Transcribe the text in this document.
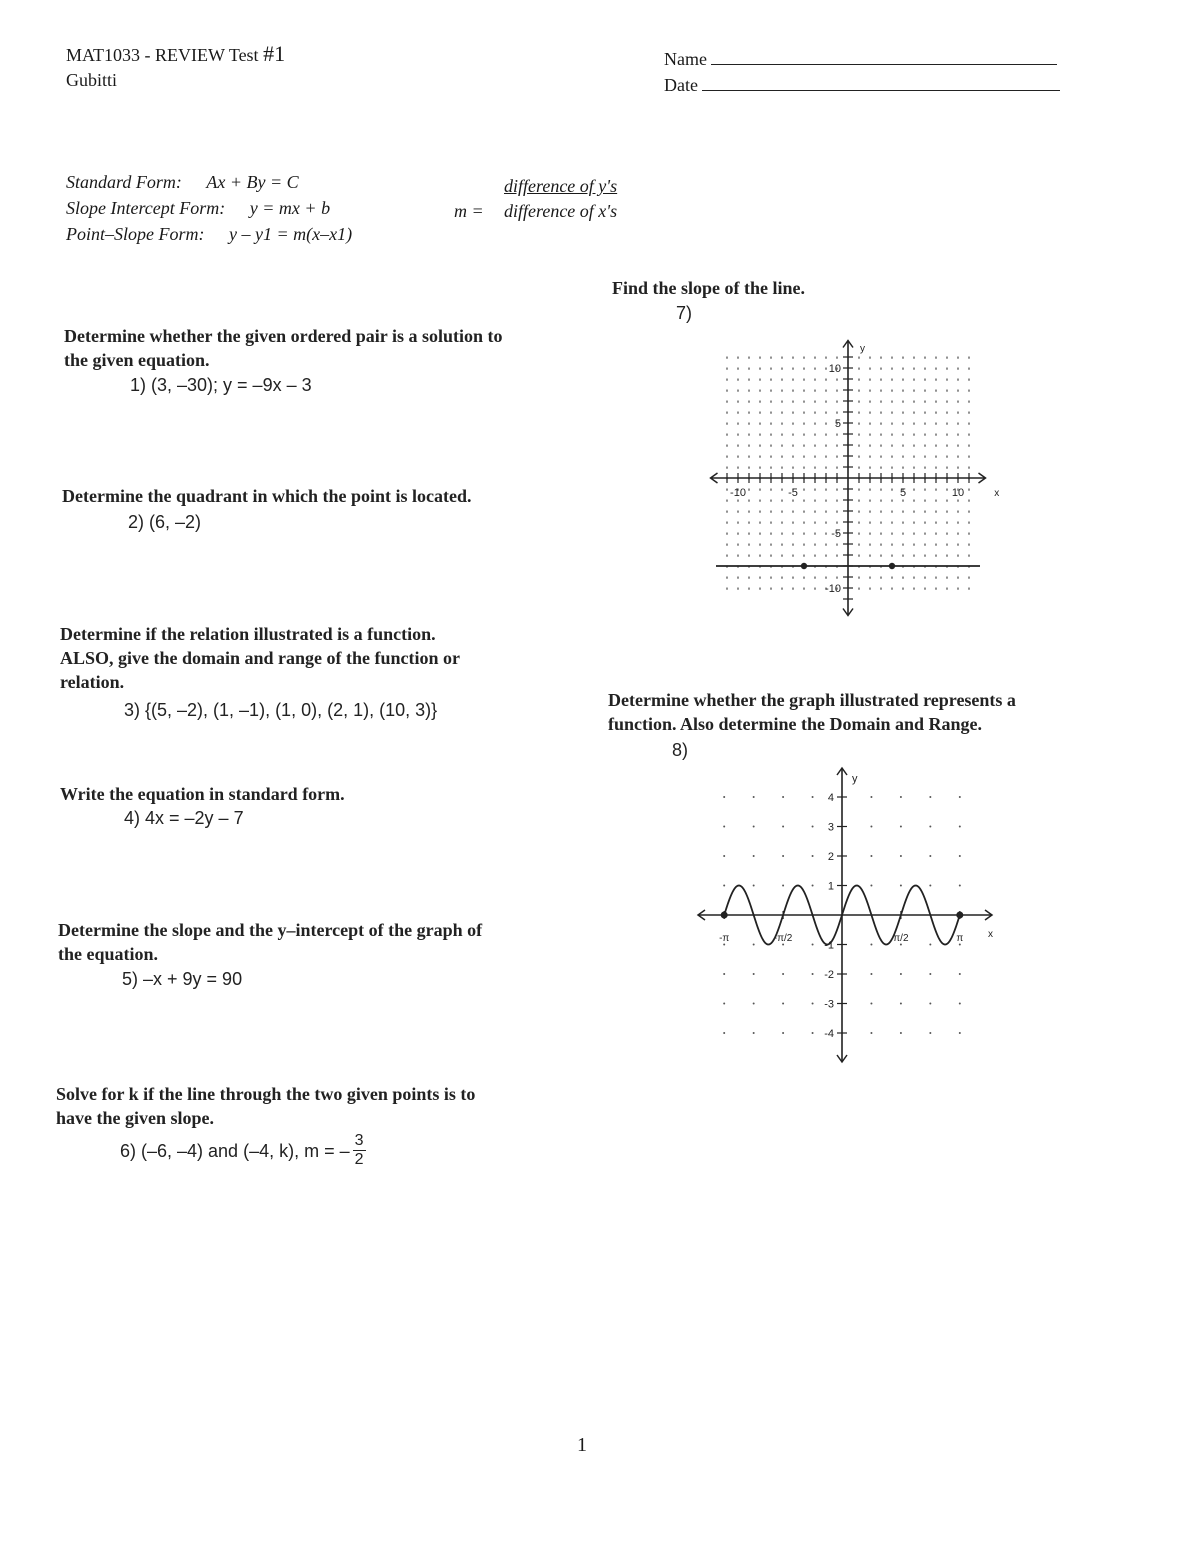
MAT1033 - REVIEW Test #1
Gubitti
Name
Date
Standard Form: Ax + By = C
Slope Intercept Form: y = mx + b
Point–Slope Form: y – y1 = m(x–x1)
m =
difference of y's
difference of x's
Determine whether the given ordered pair is a solution to
the given equation.
1) (3, –30); y = –9x – 3
Determine the quadrant in which the point is located.
2) (6, –2)
Determine if the relation illustrated is a function.
ALSO, give the domain and range of the function or
relation.
3) {(5, –2), (1, –1), (1, 0), (2, 1), (10, 3)}
Write the equation in standard form.
4) 4x = –2y – 7
Determine the slope and the y–intercept of the graph of
the equation.
5) –x + 9y = 90
Solve for k if the line through the two given points is to
have the given slope.
6) (–6, –4) and (–4, k), m = – $\frac{3}{2}$
Find the slope of the line.
7)
-10	-5	5	10
10
5
-5
-10
y
x
Determine whether the graph illustrated represents a
function. Also determine the Domain and Range.
8)
4
3
2
1
-1
-2
-3
-4
-π	-π/2	π/2	π
y
x
1
